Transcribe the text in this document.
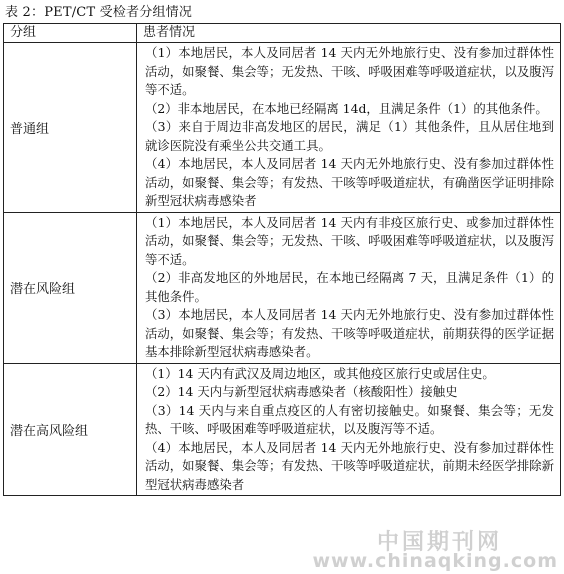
表 2：PET/CT 受检者分组情况
分组	患者情况
普通组	（1）本地居民，本人及同居者 14 天内无外地旅行史、没有参加过群体性活动，如聚餐、集会等；无发热、干咳、呼吸困难等呼吸道症状，以及腹泻等不适。

（2）非本地居民，在本地已经隔离 14d，且满足条件（1）的其他条件。

（3）来自于周边非高发地区的居民，满足（1）其他条件，且从居住地到就诊医院没有乘坐公共交通工具。

（4）本地居民，本人及同居者 14 天内无外地旅行史、没有参加过群体性活动，如聚餐、集会等；有发热、干咳等呼吸道症状，有确凿医学证明排除新型冠状病毒感染者

潜在风险组	（1）本地居民，本人及同居者 14 天内有非疫区旅行史、或参加过群体性活动，如聚餐、集会等；无发热、干咳、呼吸困难等呼吸道症状，以及腹泻等不适。

（2）非高发地区的外地居民，在本地已经隔离 7 天，且满足条件（1）的其他条件。

（3）本地居民，本人及同居者 14 天内无外地旅行史、没有参加过群体性活动，如聚餐、集会等；有发热、干咳等呼吸道症状，前期获得的医学证据基本排除新型冠状病毒感染者。

潜在高风险组	（1）14 天内有武汉及周边地区，或其他疫区旅行史或居住史。

（2）14 天内与新型冠状病毒感染者（核酸阳性）接触史

（3）14 天内与来自重点疫区的人有密切接触史。如聚餐、集会等；无发热、干咳、呼吸困难等呼吸道症状，以及腹泻等不适。

（4）本地居民，本人及同居者 14 天内无外地旅行史、没有参加过群体性活动，如聚餐、集会等；有发热、干咳等呼吸道症状，前期未经医学排除新型冠状病毒感染者

中国期刊网
www.chinaqking.com
